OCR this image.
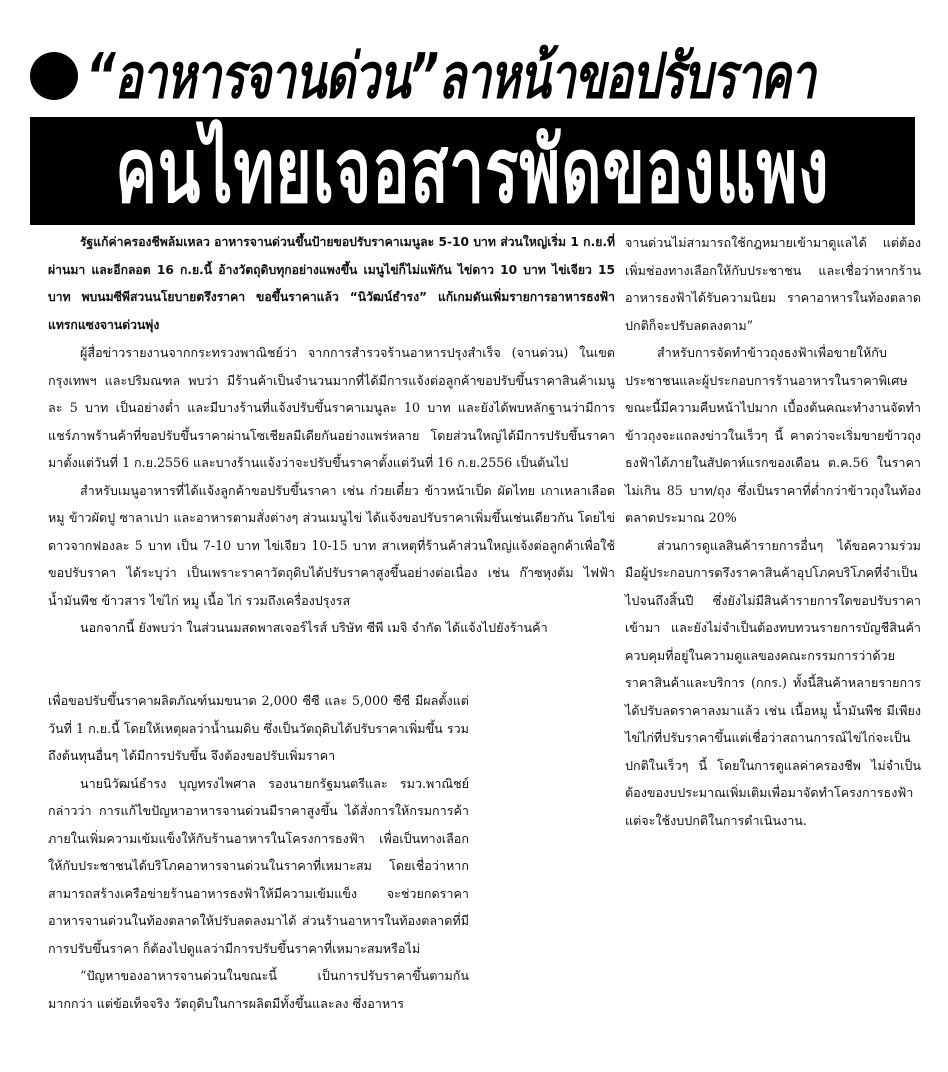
“อาหารจานด่วน”ลาหน้าขอปรับราคา
คนไทยเจอสารพัดของแพง

รัฐแก้ค่าครองชีพล้มเหลว อาหารจานด่วนขึ้นป้ายขอปรับราคาเมนูละ 5-10 บาท ส่วนใหญ่เริ่ม 1 ก.ย.ที่ผ่านมา และอีกลอต 16 ก.ย.นี้ อ้างวัตถุดิบทุกอย่างแพงขึ้น เมนูไข่ก็ไม่แพ้กัน ไข่ดาว 10 บาท ไข่เจียว 15 บาท พบนมซีพีสวนนโยบายตรึงราคา ขอขึ้นราคาแล้ว “นิวัฒน์ธำรง” แก้เกมดันเพิ่มรายการอาหารธงฟ้าแทรกแซงจานด่วนพุ่ง

ผู้สื่อข่าวรายงานจากกระทรวงพาณิชย์ว่า จากการสำรวจร้านอาหารปรุงสำเร็จ (จานด่วน) ในเขตกรุงเทพฯ และปริมณฑล พบว่า มีร้านค้าเป็นจำนวนมากที่ได้มีการแจ้งต่อลูกค้าขอปรับขึ้นราคาสินค้าเมนูละ 5 บาท เป็นอย่างต่ำ และมีบางร้านที่แจ้งปรับขึ้นราคาเมนูละ 10 บาท และยังได้พบหลักฐานว่ามีการแชร์ภาพร้านค้าที่ขอปรับขึ้นราคาผ่านโซเชียลมีเดียกันอย่างแพร่หลาย โดยส่วนใหญ่ได้มีการปรับขึ้นราคามาตั้งแต่วันที่ 1 ก.ย.2556 และบางร้านแจ้งว่าจะปรับขึ้นราคาตั้งแต่วันที่ 16 ก.ย.2556 เป็นต้นไป

สำหรับเมนูอาหารที่ได้แจ้งลูกค้าขอปรับขึ้นราคา เช่น ก๋วยเตี๋ยว ข้าวหน้าเป็ด ผัดไทย เกาเหลาเลือดหมู ข้าวผัดปู ซาลาเปา และอาหารตามสั่งต่างๆ ส่วนเมนูไข่ ได้แจ้งขอปรับราคาเพิ่มขึ้นเช่นเดียวกัน โดยไข่ดาวจากฟองละ 5 บาท เป็น 7-10 บาท ไข่เจียว 10-15 บาท สาเหตุที่ร้านค้าส่วนใหญ่แจ้งต่อลูกค้าเพื่อใช้ขอปรับราคา ได้ระบุว่า เป็นเพราะราคาวัตถุดิบได้ปรับราคาสูงขึ้นอย่างต่อเนื่อง เช่น ก๊าซหุงต้ม ไฟฟ้า น้ำมันพืช ข้าวสาร ไข่ไก่ หมู เนื้อ ไก่ รวมถึงเครื่องปรุงรส

นอกจากนี้ ยังพบว่า ในส่วนนมสดพาสเจอร์ไรส์ บริษัท ซีพี เมจิ จำกัด ได้แจ้งไปยังร้านค้า

เพื่อขอปรับขึ้นราคาผลิตภัณฑ์นมขนาด 2,000 ซีซี และ 5,000 ซีซี มีผลตั้งแต่วันที่ 1 ก.ย.นี้ โดยให้เหตุผลว่าน้ำนมดิบ ซึ่งเป็นวัตถุดิบได้ปรับราคาเพิ่มขึ้น รวมถึงต้นทุนอื่นๆ ได้มีการปรับขึ้น จึงต้องขอปรับเพิ่มราคา

นายนิวัฒน์ธำรง บุญทรงไพศาล รองนายกรัฐมนตรีและ รมว.พาณิชย์ กล่าวว่า การแก้ไขปัญหาอาหารจานด่วนมีราคาสูงขึ้น ได้สั่งการให้กรมการค้าภายในเพิ่มความเข้มแข็งให้กับร้านอาหารในโครงการธงฟ้า เพื่อเป็นทางเลือกให้กับประชาชนได้บริโภคอาหารจานด่วนในราคาที่เหมาะสม โดยเชื่อว่าหากสามารถสร้างเครือข่ายร้านอาหารธงฟ้าให้มีความเข้มแข็ง จะช่วยกดราคาอาหารจานด่วนในท้องตลาดให้ปรับลดลงมาได้ ส่วนร้านอาหารในท้องตลาดที่มีการปรับขึ้นราคา ก็ต้องไปดูแลว่ามีการปรับขึ้นราคาที่เหมาะสมหรือไม่

“ปัญหาของอาหารจานด่วนในขณะนี้ เป็นการปรับราคาขึ้นตามกันมากกว่า แต่ข้อเท็จจริง วัตถุดิบในการผลิตมีทั้งขึ้นและลง ซึ่งอาหาร

จานด่วนไม่สามารถใช้กฎหมายเข้ามาดูแลได้ แต่ต้องเพิ่มช่องทางเลือกให้กับประชาชน และเชื่อว่าหากร้านอาหารธงฟ้าได้รับความนิยม ราคาอาหารในท้องตลาดปกติก็จะปรับลดลงตาม”

สำหรับการจัดทำข้าวถุงธงฟ้าเพื่อขายให้กับประชาชนและผู้ประกอบการร้านอาหารในราคาพิเศษ ขณะนี้มีความคืบหน้าไปมาก เบื้องต้นคณะทำงานจัดทำข้าวถุงจะแถลงข่าวในเร็วๆ นี้ คาดว่าจะเริ่มขายข้าวถุงธงฟ้าได้ภายในสัปดาห์แรกของเดือน ต.ค.56 ในราคาไม่เกิน 85 บาท/ถุง ซึ่งเป็นราคาที่ต่ำกว่าข้าวถุงในท้องตลาดประมาณ 20%

ส่วนการดูแลสินค้ารายการอื่นๆ ได้ขอความร่วมมือผู้ประกอบการตรึงราคาสินค้าอุปโภคบริโภคที่จำเป็นไปจนถึงสิ้นปี ซึ่งยังไม่มีสินค้ารายการใดขอปรับราคาเข้ามา และยังไม่จำเป็นต้องทบทวนรายการบัญชีสินค้าควบคุมที่อยู่ในความดูแลของคณะกรรมการว่าด้วยราคาสินค้าและบริการ (กกร.) ทั้งนี้สินค้าหลายรายการได้ปรับลดราคาลงมาแล้ว เช่น เนื้อหมู น้ำมันพืช มีเพียงไข่ไก่ที่ปรับราคาขึ้นแต่เชื่อว่าสถานการณ์ไข่ไก่จะเป็นปกติในเร็วๆ นี้ โดยในการดูแลค่าครองชีพ ไม่จำเป็นต้องของบประมาณเพิ่มเติมเพื่อมาจัดทำโครงการธงฟ้า แต่จะใช้งบปกติในการดำเนินงาน.
